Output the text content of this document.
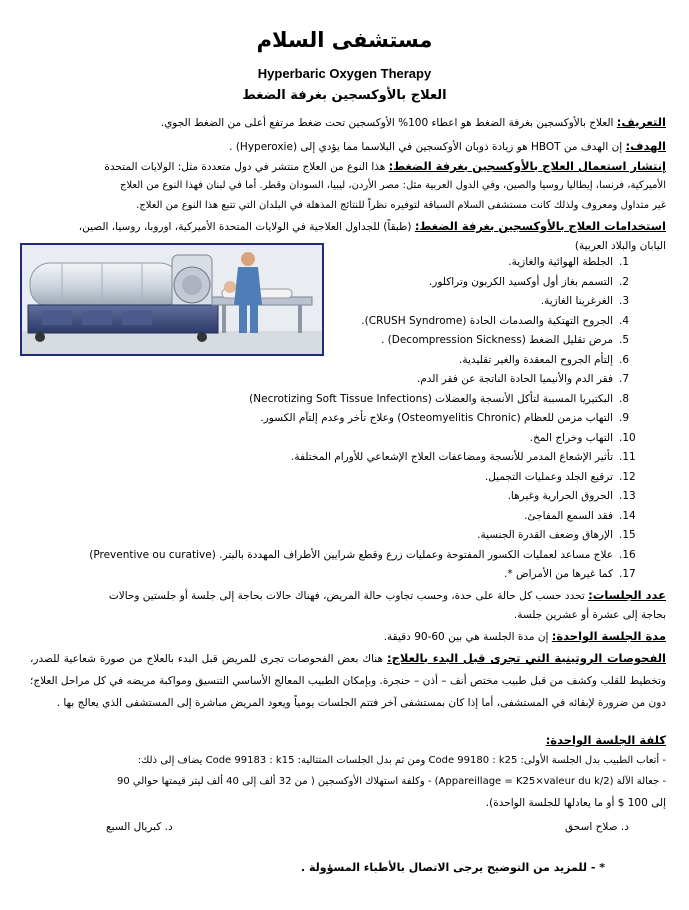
مستشفى السلام
Hyperbaric Oxygen Therapy
العلاج بالأوكسجين بغرفة الضغط
التعريف: العلاج بالأوكسجين بغرفة الضغط هو اعطاء 100% الأوكسجين تحت ضغط مرتفع أعلى من الضغط الجوي.
الهدف: إن الهدف من HBOT هو زيادة ذوبان الأوكسجين في البلاسما مما يؤدي إلى (Hyperoxie) .
إنتشار استعمال العلاج بالأوكسجين بغرفة الضغط: هذا النوع من العلاج منتشر في دول متعددة مثل: الولايات المتحدة
الأميركية، فرنسا، إيطاليا روسيا والصين، وفي الدول العربية مثل: مصر الأردن، ليبيا، السودان وقطر. أما في لبنان فهذا النوع من العلاج
غير متداول ومعروف ولذلك كانت مستشفى السلام السباقة لتوفيره نظراً للنتائج المذهلة في البلدان التي تتبع هذا النوع من العلاج.
استخدامات العلاج بالأوكسجين بغرفة الضغط: (طبقاً) للجداول العلاجية في الولايات المتحدة الأميركية، اوروبا، روسيا، الصين،
اليابان والبلاد العربية)
.1
الجلطة الهوائية والغازية.
.2
التسمم بغاز أول أوكسيد الكربون وتراكلور.
.3
الغرغرينا الغازية.
.4
الجروح التهتكية والصدمات الحادة (CRUSH Syndrome).
.5
مرض تقليل الضغط (Decompression Sickness) .
.6
إلتأم الجروح المعقدة والغير تقليدية.
.7
فقر الدم والأنيميا الحادة الناتجة عن فقر الدم.
.8
البكتيريا المسببة لتأكل الأنسجة والعضلات (Necrotizing Soft Tissue Infections)
.9
التهاب مزمن للعظام (Osteomyelitis Chronic) وعلاج تأخر وعدم إلتآم الكسور.
.10
التهاب وخراج المخ.
.11
تأثير الإشعاع المدمر للأنسجة ومضاعفات العلاج الإشعاعي للأورام المختلفة.
.12
ترقيع الجلد وعمليات التجميل.
.13
الحروق الحرارية وغيرها.
.14
فقد السمع المفاجئ.
.15
الإرهاق وضعف القدرة الجنسية.
.16
علاج مساعد لعمليات الكسور المفتوحة وعمليات زرع وقطع شرايين الأطراف المهددة بالبتر. (Preventive ou curative)
.17
كما غيرها من الأمراض *.
عدد الجلسات: تحدد حسب كل حالة على حدة، وحسب تجاوب حالة المريض، فهناك حالات بحاجة إلى جلسة أو جلستين وحالات
بحاجة إلى عشرة أو عشرين جلسة.
مدة الجلسة الواحدة: إن مدة الجلسة هي بين 60-90 دقيقة.
الفحوصات الروتينية التي تجرى قبل البدء بالعلاج: هناك بعض الفحوصات تجرى للمريض قبل البدء بالعلاج من صورة شعاعية للصدر، وتخطيط للقلب وكشف من قبل طبيب مختص أنف – أذن – حنجرة. وبإمكان الطبيب المعالج الأساسي التنسيق ومواكبة مريضه في كل مراحل العلاج؛ دون من ضرورة لإبقائه في المستشفى، أما إذا كان بمستشفى آخر فتتم الجلسات يومياً ويعود المريض مباشرة إلى المستشفى الذي يعالج بها .
كلفة الجلسة الواحدة:
- أتعاب الطبيب بدل الجلسة الأولى: Code 99180 : k25 ومن ثم بدل الجلسات المتتالية: Code 99183 : k15 يضاف إلى ذلك:
- جعالة الآلة (Appareillage = K25×valeur du k/2) - وكلفة استهلاك الأوكسجين ( من 32 ألف إلى 40 ألف ليتر قيمتها حوالي 90
إلى 100 $ أو ما يعادلها للجلسة الواحدة).
د. صلاح اسحق
د. كبريال السبع
* - للمزيد من التوضيح يرجى الاتصال بالأطباء المسؤولة .
